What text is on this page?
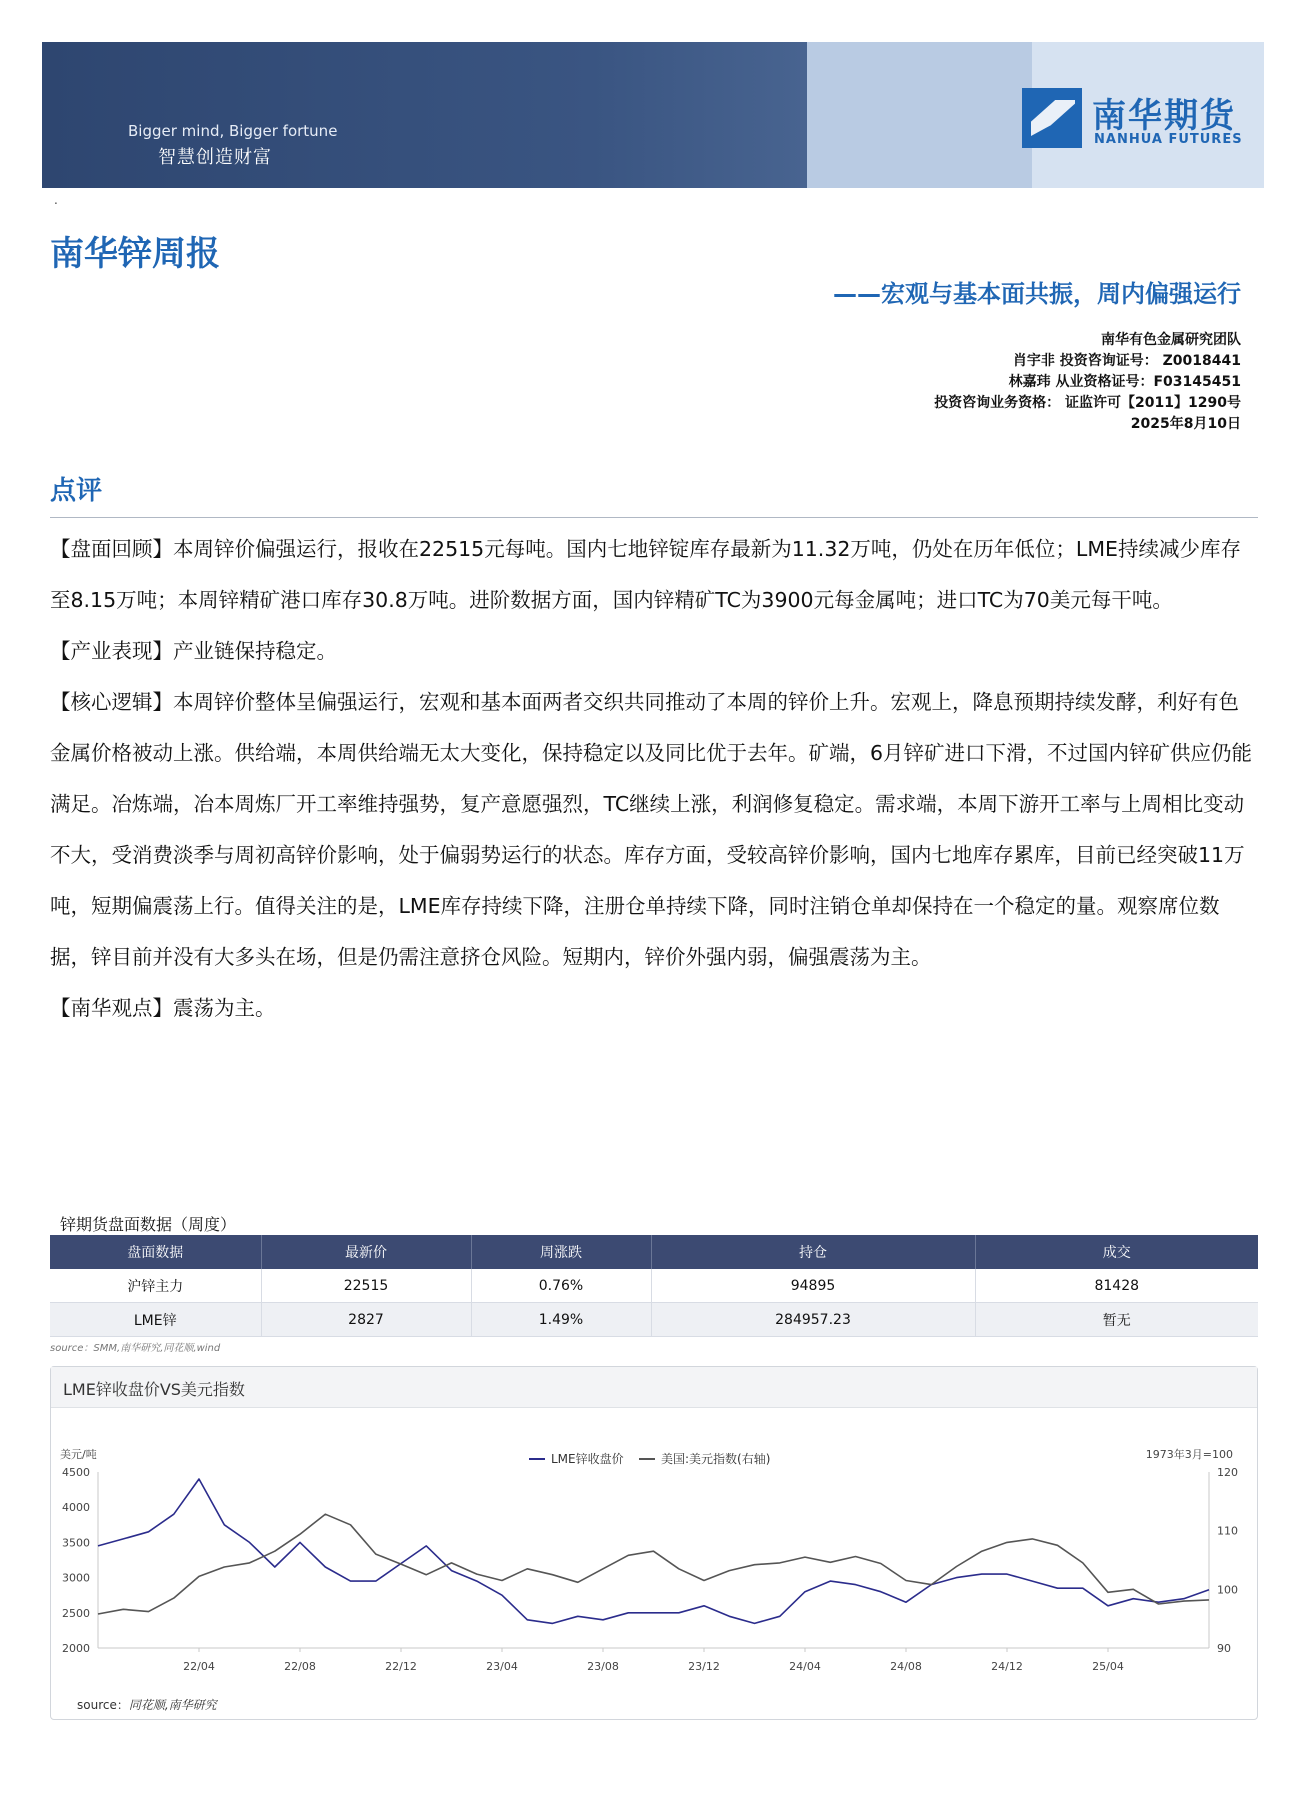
Bigger mind, Bigger fortune
智慧创造财富
南华期货
NANHUA FUTURES
.
南华锌周报
——宏观与基本面共振，周内偏强运行
南华有色金属研究团队
肖宇非 投资咨询证号： Z0018441
林嘉玮 从业资格证号：F03145451
投资咨询业务资格： 证监许可【2011】1290号
2025年8月10日
点评

【盘面回顾】本周锌价偏强运行，报收在22515元每吨。国内七地锌锭库存最新为11.32万吨，仍处在历年低位；LME持续减少库存至8.15万吨；本周锌精矿港口库存30.8万吨。进阶数据方面，国内锌精矿TC为3900元每金属吨；进口TC为70美元每干吨。

【产业表现】产业链保持稳定。

【核心逻辑】本周锌价整体呈偏强运行，宏观和基本面两者交织共同推动了本周的锌价上升。宏观上，降息预期持续发酵，利好有色金属价格被动上涨。供给端，本周供给端无太大变化，保持稳定以及同比优于去年。矿端，6月锌矿进口下滑，不过国内锌矿供应仍能满足。冶炼端，冶本周炼厂开工率维持强势，复产意愿强烈，TC继续上涨，利润修复稳定。需求端，本周下游开工率与上周相比变动不大，受消费淡季与周初高锌价影响，处于偏弱势运行的状态。库存方面，受较高锌价影响，国内七地库存累库，目前已经突破11万吨，短期偏震荡上行。值得关注的是，LME库存持续下降，注册仓单持续下降，同时注销仓单却保持在一个稳定的量。观察席位数据，锌目前并没有大多头在场，但是仍需注意挤仓风险。短期内，锌价外强内弱，偏强震荡为主。

【南华观点】震荡为主。

锌期货盘面数据（周度）
盘面数据	最新价	周涨跌	持仓	成交
沪锌主力	22515	0.76%	94895	81428
LME锌	2827	1.49%	284957.23	暂无
source：SMM,南华研究,同花顺,wind
LME锌收盘价VS美元指数
2000
2500
3000
3500
4000
4500
90
100
110
120
美元/吨	1973年3月=100
22/04	22/08	22/12	23/04	23/08	23/12	24/04	24/08	24/12	25/04
LME锌收盘价	美国:美元指数(右轴)
source：同花顺,南华研究
